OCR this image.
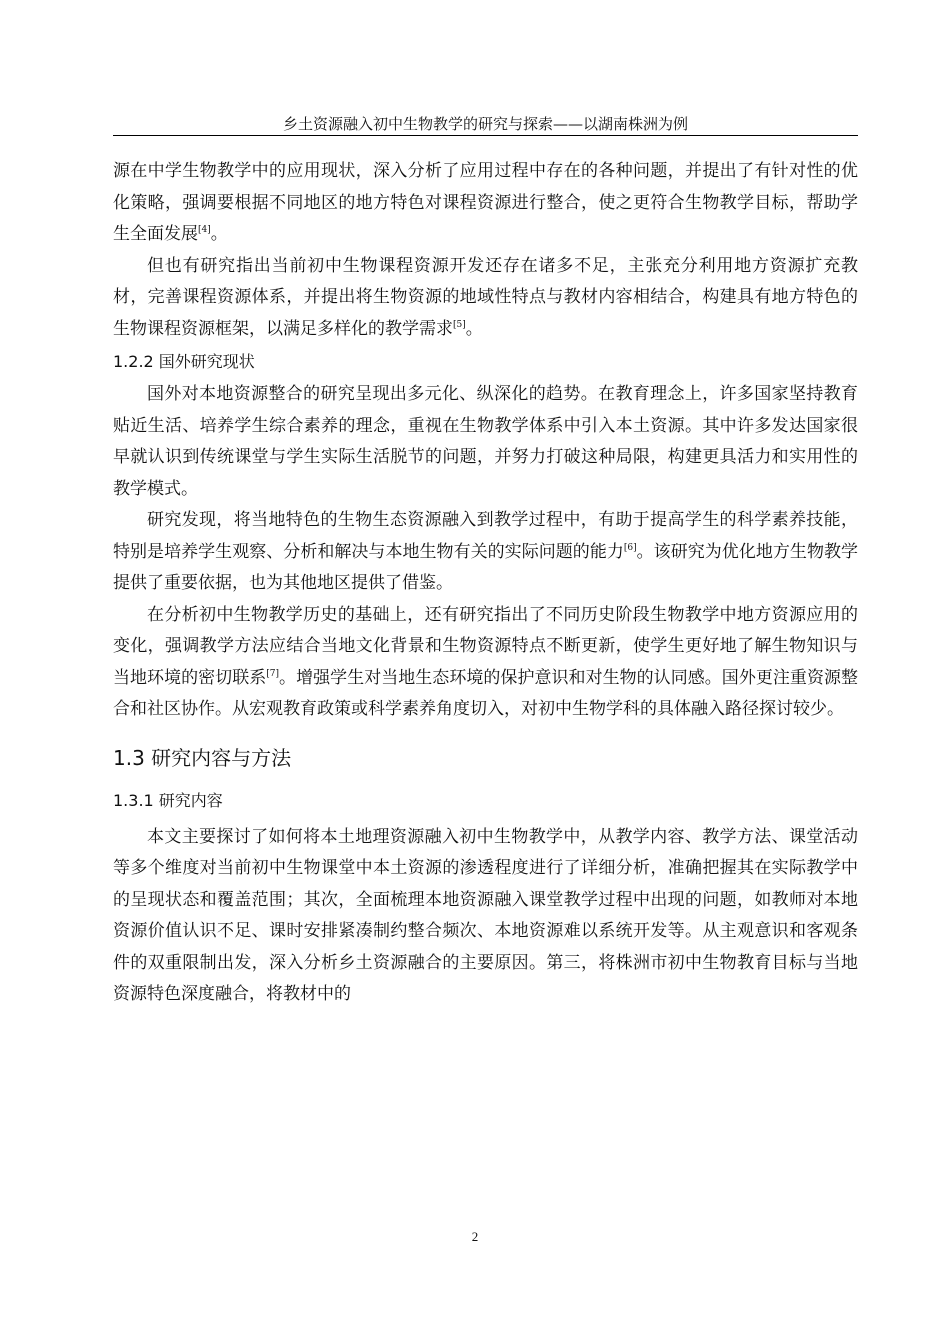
乡土资源融入初中生物教学的研究与探索——以湖南株洲为例

源在中学生物教学中的应用现状，深入分析了应用过程中存在的各种问题，并提出了有针对性的优化策略，强调要根据不同地区的地方特色对课程资源进行整合，使之更符合生物教学目标，帮助学生全面发展[4]。

但也有研究指出当前初中生物课程资源开发还存在诸多不足，主张充分利用地方资源扩充教材，完善课程资源体系，并提出将生物资源的地域性特点与教材内容相结合，构建具有地方特色的生物课程资源框架，以满足多样化的教学需求[5]。

1.2.2 国外研究现状

国外对本地资源整合的研究呈现出多元化、纵深化的趋势。在教育理念上，许多国家坚持教育贴近生活、培养学生综合素养的理念，重视在生物教学体系中引入本土资源。其中许多发达国家很早就认识到传统课堂与学生实际生活脱节的问题，并努力打破这种局限，构建更具活力和实用性的教学模式。

研究发现，将当地特色的生物生态资源融入到教学过程中，有助于提高学生的科学素养技能，特别是培养学生观察、分析和解决与本地生物有关的实际问题的能力[6]。该研究为优化地方生物教学提供了重要依据，也为其他地区提供了借鉴。

在分析初中生物教学历史的基础上，还有研究指出了不同历史阶段生物教学中地方资源应用的变化，强调教学方法应结合当地文化背景和生物资源特点不断更新，使学生更好地了解生物知识与当地环境的密切联系[7]。增强学生对当地生态环境的保护意识和对生物的认同感。国外更注重资源整合和社区协作。从宏观教育政策或科学素养角度切入，对初中生物学科的具体融入路径探讨较少。

1.3 研究内容与方法
1.3.1 研究内容

本文主要探讨了如何将本土地理资源融入初中生物教学中，从教学内容、教学方法、课堂活动等多个维度对当前初中生物课堂中本土资源的渗透程度进行了详细分析，准确把握其在实际教学中的呈现状态和覆盖范围；其次，全面梳理本地资源融入课堂教学过程中出现的问题，如教师对本地资源价值认识不足、课时安排紧凑制约整合频次、本地资源难以系统开发等。从主观意识和客观条件的双重限制出发，深入分析乡土资源融合的主要原因。第三，将株洲市初中生物教育目标与当地资源特色深度融合，将教材中的

2
